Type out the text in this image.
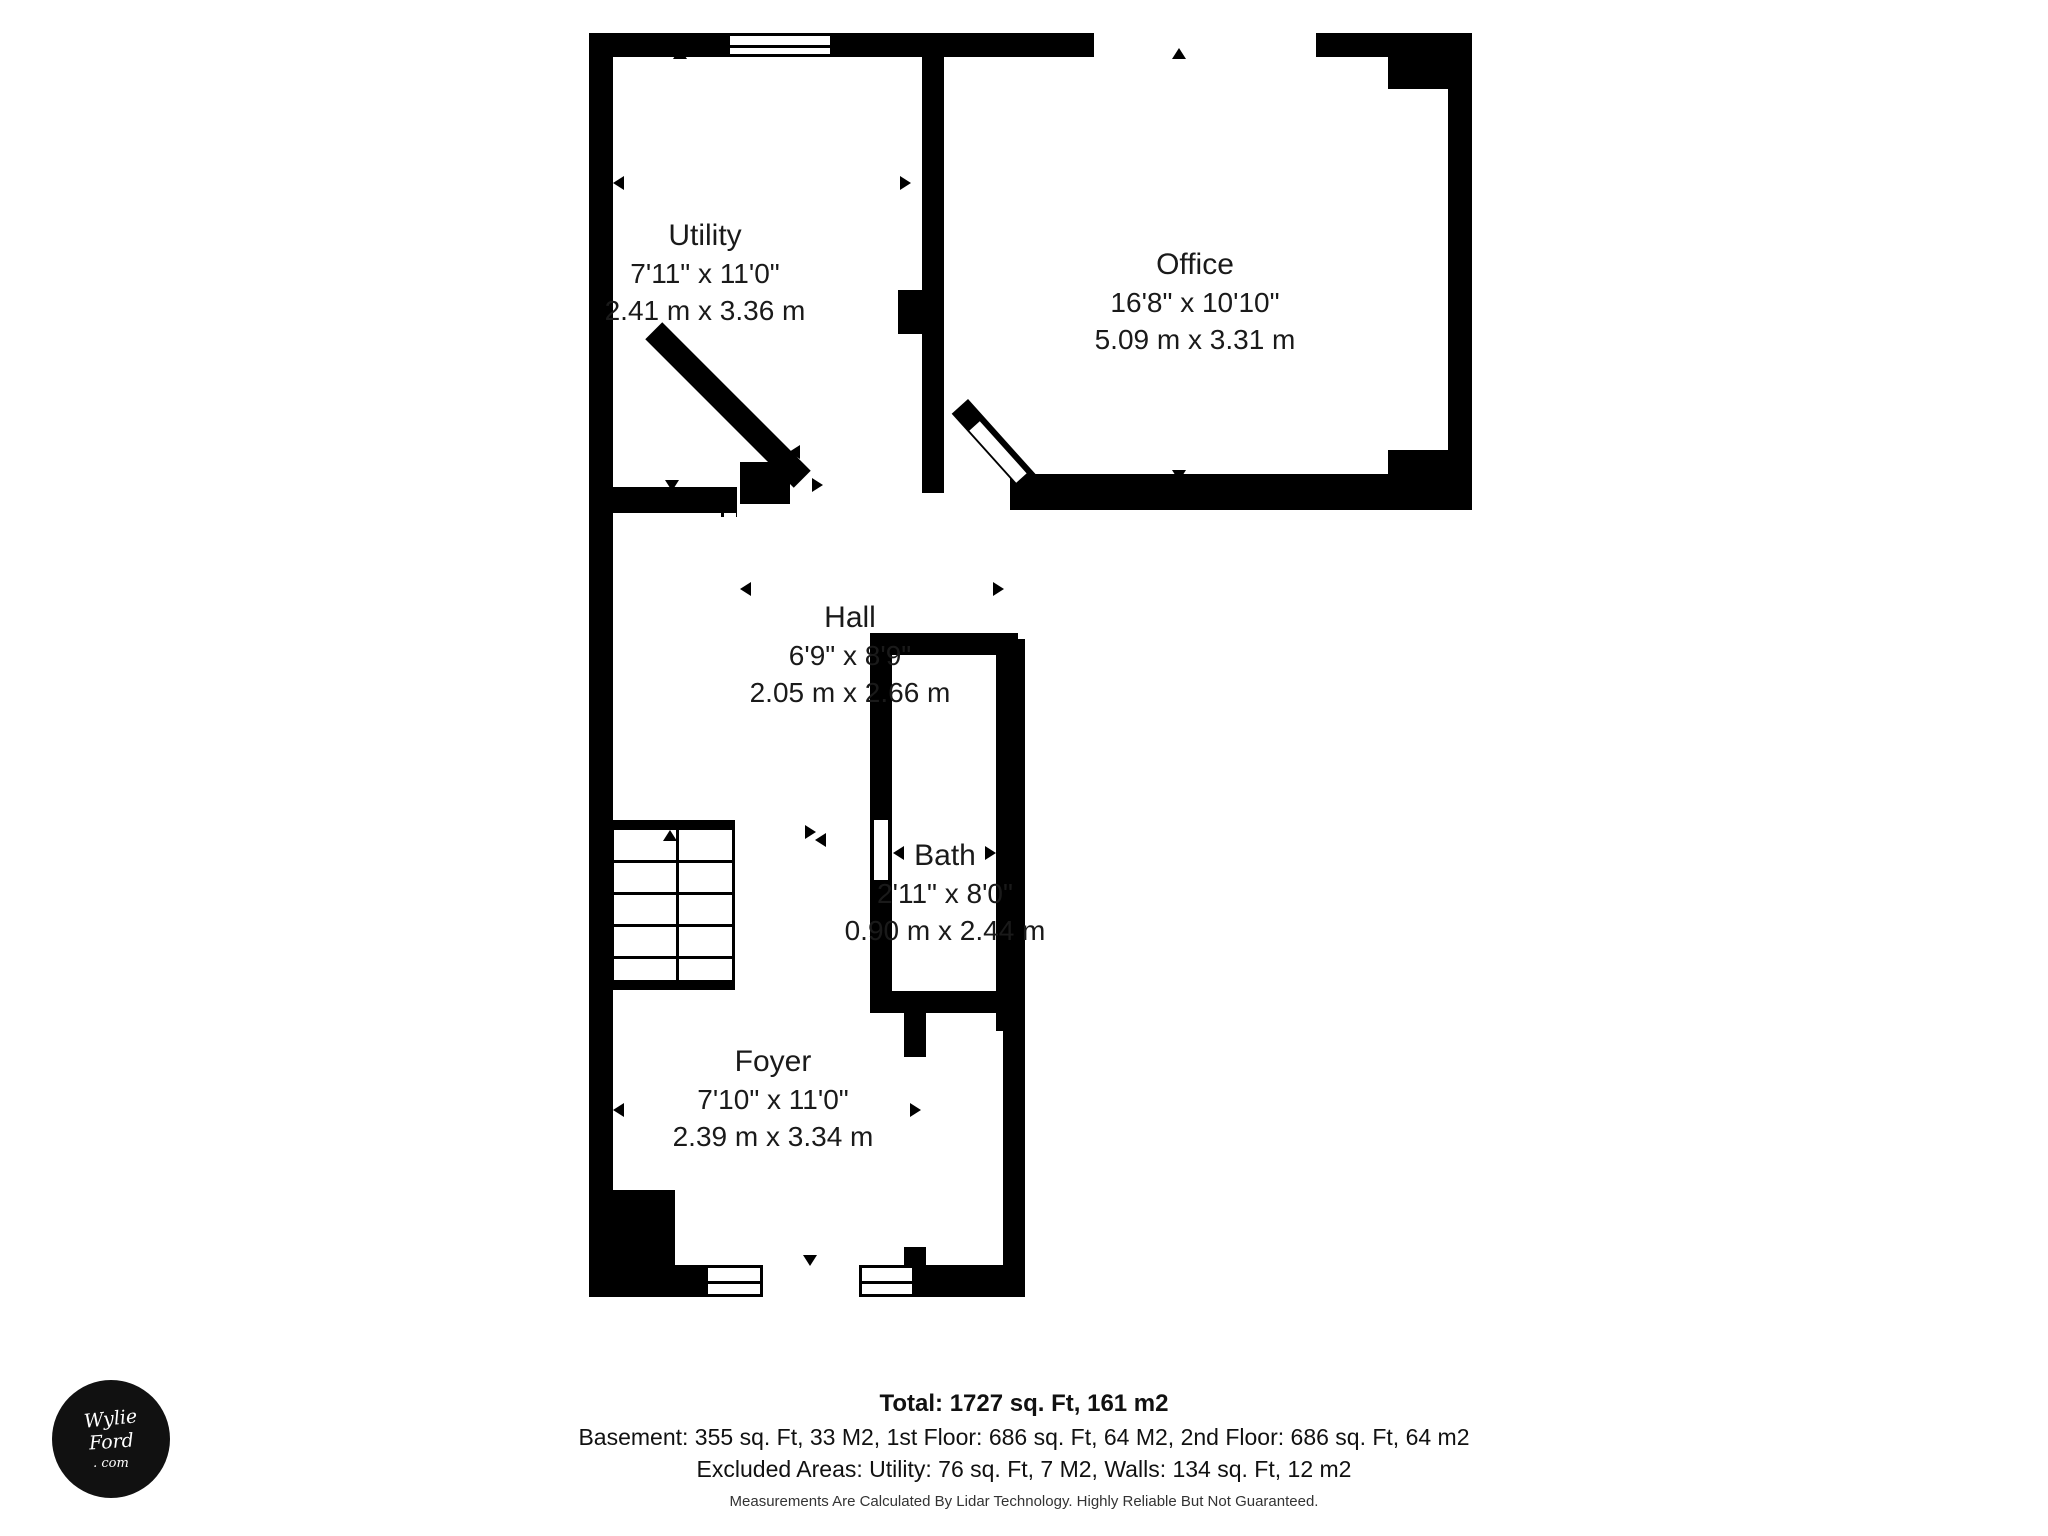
Utility
7'11" x 11'0"
2.41 m x 3.36 m
Office
16'8" x 10'10"
5.09 m x 3.31 m
Hall
6'9" x 8'9"
2.05 m x 2.66 m
Bath
2'11" x 8'0"
0.90 m x 2.44 m
Foyer
7'10" x 11'0"
2.39 m x 3.34 m
Wylie
Ford
. com
Total: 1727 sq. Ft, 161 m2
Basement: 355 sq. Ft, 33 M2, 1st Floor: 686 sq. Ft, 64 M2, 2nd Floor: 686 sq. Ft, 64 m2
Excluded Areas: Utility: 76 sq. Ft, 7 M2, Walls: 134 sq. Ft, 12 m2
Measurements Are Calculated By Lidar Technology. Highly Reliable But Not Guaranteed.
